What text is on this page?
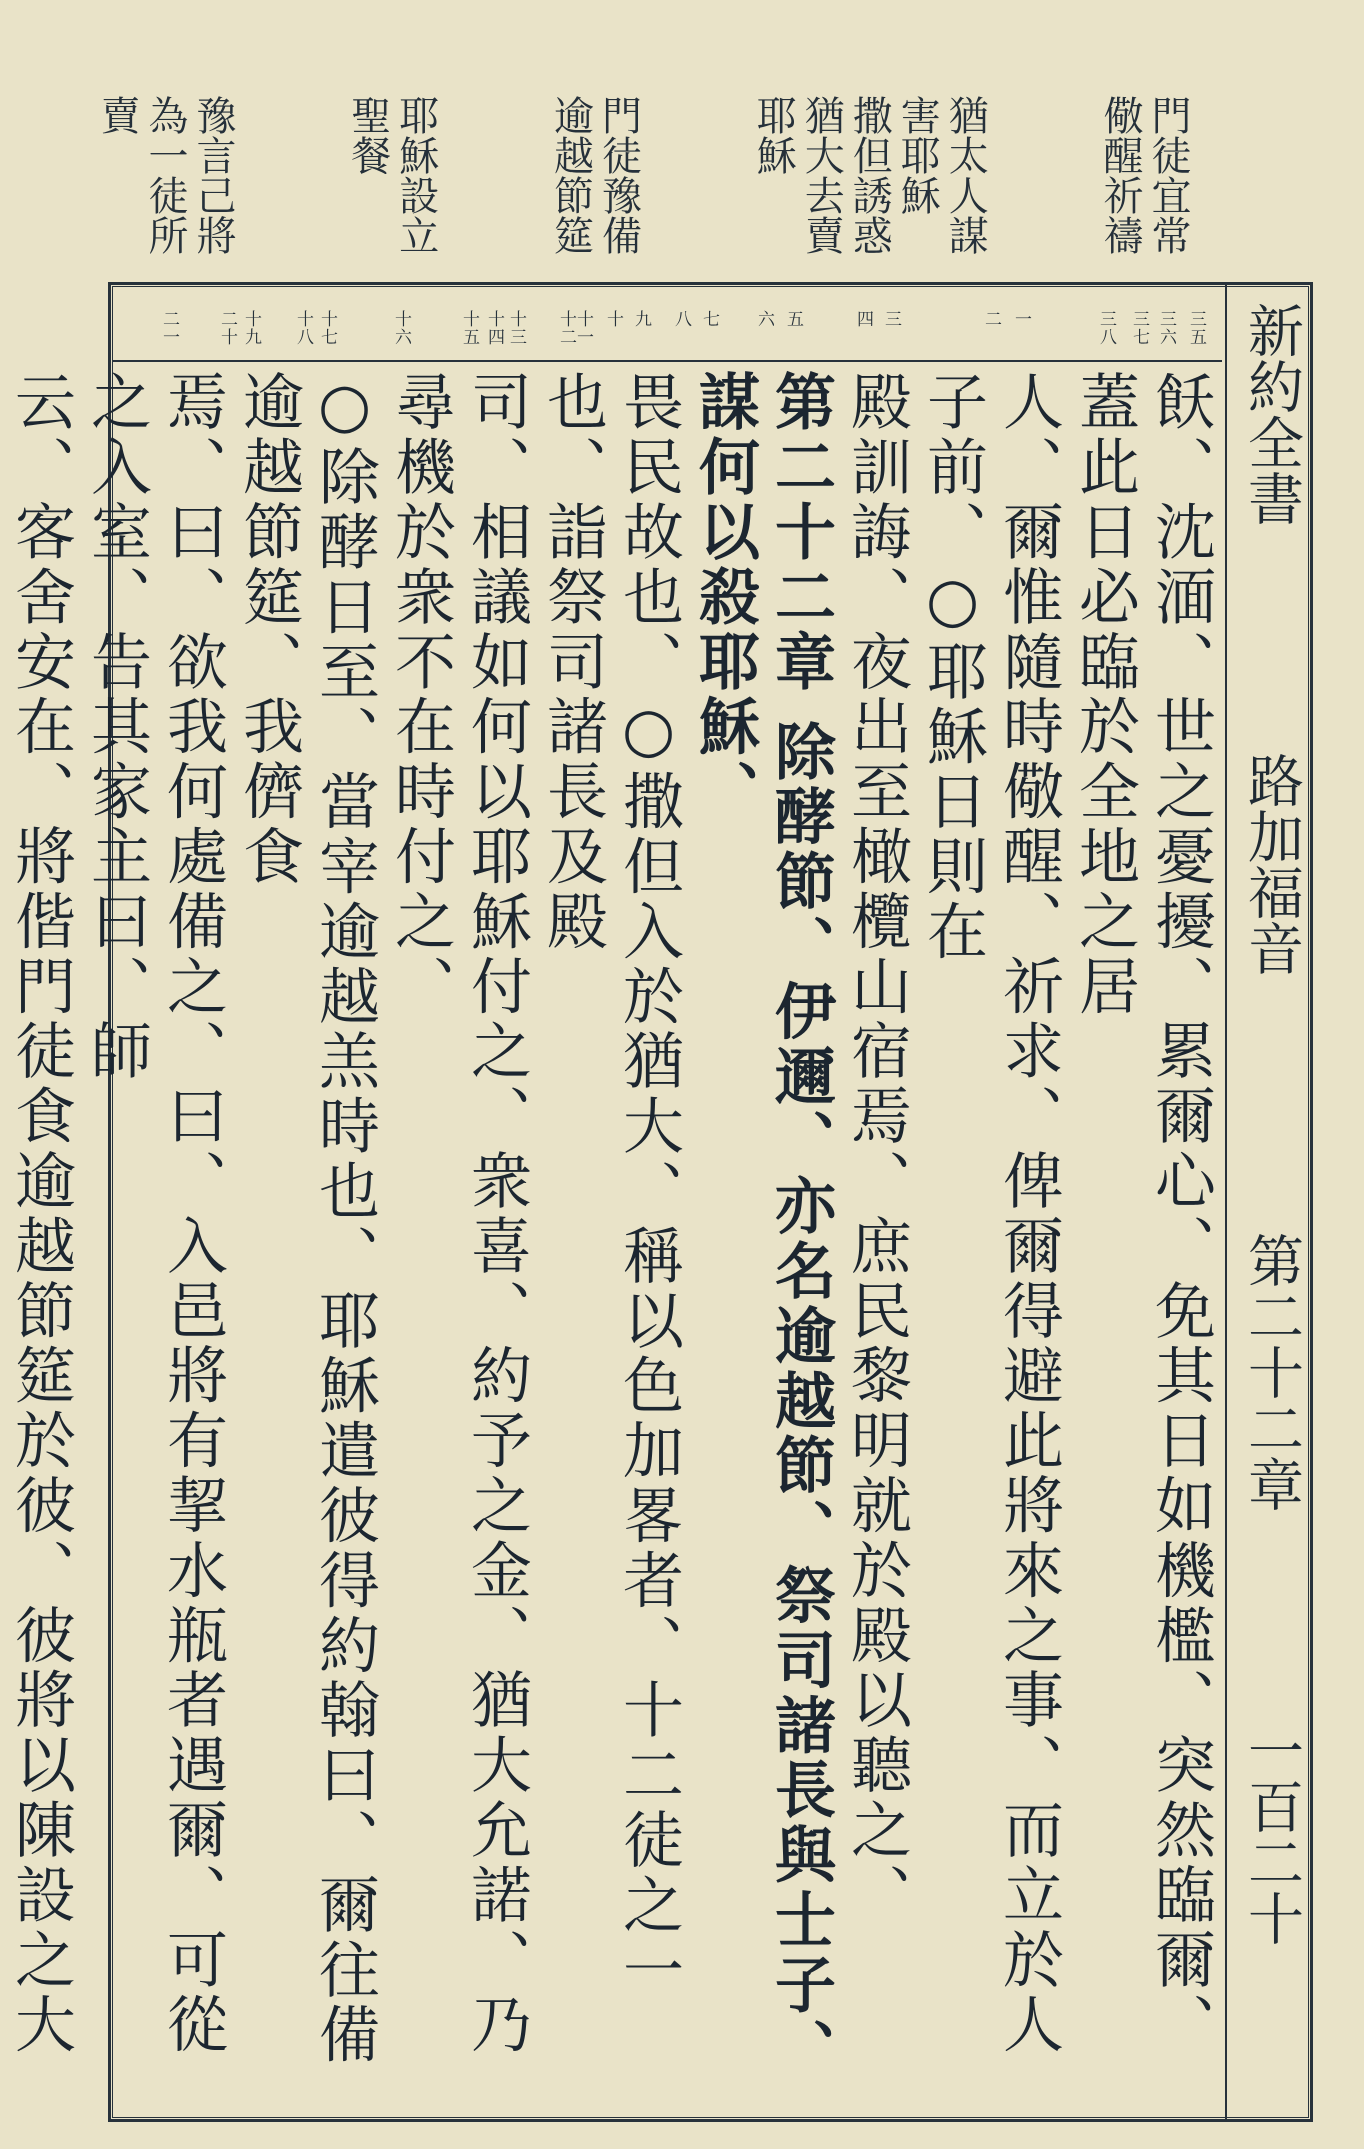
門徒宜常
儆醒祈禱
猶太人謀
害耶穌
撒但誘惑
猶大去賣
耶穌
門徒豫備
逾越節筵
耶穌設立
聖餐
豫言己將
為一徒所
賣
新約全書
路加福音
第二十二章
一百二十
三五
三六
三七
三八
一
二
三
四
五
六
七
八
九
十
十一
十二
十三
十四
十五
十六
十七
十八
十九
二十
二一
飫、沈湎、世之憂擾、累爾心、免其日如機檻、突然臨爾、蓋此日必臨於全地之居
人、爾惟隨時儆醒、祈求、俾爾得避此將來之事、而立於人子前、○耶穌日則在
殿訓誨、夜出至橄欖山宿焉、庶民黎明就於殿以聽之、
第二十二章 除酵節、伊邇、亦名逾越節、祭司諸長與士子、謀何以殺耶穌、
畏民故也、○撒但入於猶大、稱以色加畧者、十二徒之一也、詣祭司諸長及殿
司、相議如何以耶穌付之、衆喜、約予之金、猶大允諾、乃尋機於衆不在時付之、
○除酵日至、當宰逾越羔時也、耶穌遣彼得約翰曰、爾往備逾越節筵、我儕食
焉、曰、欲我何處備之、曰、入邑將有挈水瓶者遇爾、可從之入室、告其家主曰、師
云、客舍安在、將偕門徒食逾越節筵於彼、彼將以陳設之大
